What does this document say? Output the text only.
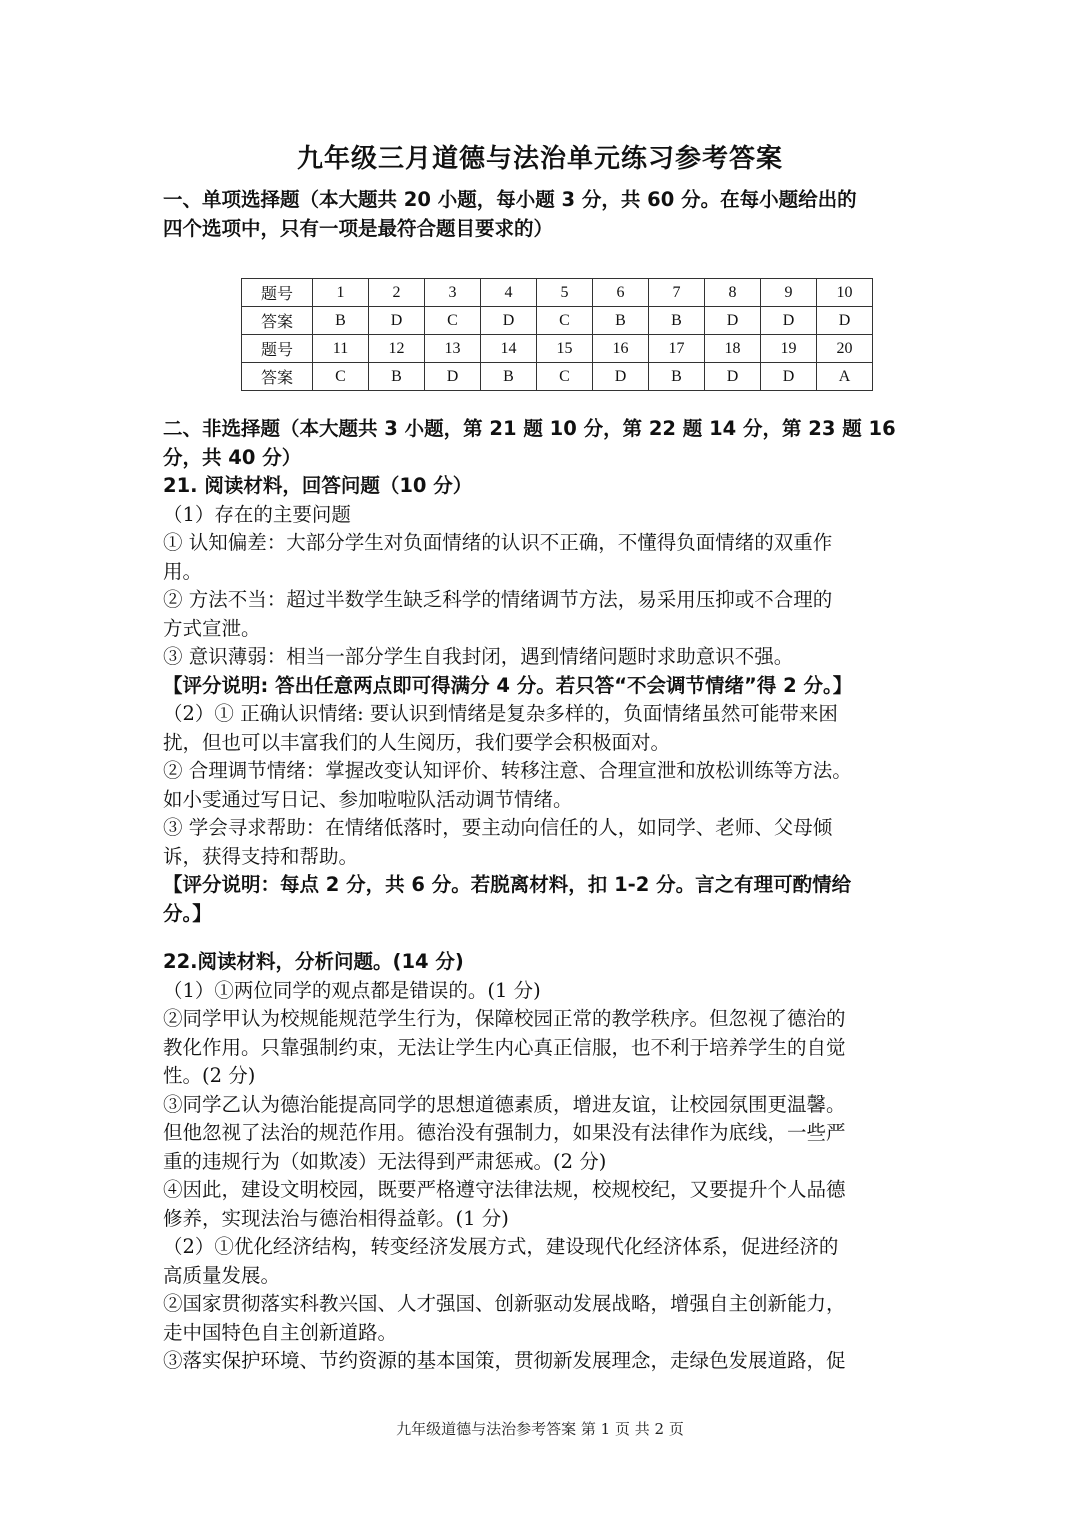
九年级三月道德与法治单元练习参考答案
一、单项选择题（本大题共 20 小题，每小题 3 分，共 60 分。在每小题给出的
四个选项中，只有一项是最符合题目要求的）
题号	1	2	3	4	5	6	7	8	9	10
答案	B	D	C	D	C	B	B	D	D	D
题号	11	12	13	14	15	16	17	18	19	20
答案	C	B	D	B	C	D	B	D	D	A
二、非选择题（本大题共 3 小题，第 21 题 10 分，第 22 题 14 分，第 23 题 16
分，共 40 分）
21. 阅读材料，回答问题（10 分）
（1）存在的主要问题
① 认知偏差：大部分学生对负面情绪的认识不正确，不懂得负面情绪的双重作
用。
② 方法不当：超过半数学生缺乏科学的情绪调节方法，易采用压抑或不合理的
方式宣泄。
③ 意识薄弱：相当一部分学生自我封闭，遇到情绪问题时求助意识不强。
【评分说明: 答出任意两点即可得满分 4 分。若只答“不会调节情绪”得 2 分。】
（2）① 正确认识情绪: 要认识到情绪是复杂多样的，负面情绪虽然可能带来困
扰，但也可以丰富我们的人生阅历，我们要学会积极面对。
② 合理调节情绪：掌握改变认知评价、转移注意、合理宣泄和放松训练等方法。
如小雯通过写日记、参加啦啦队活动调节情绪。
③ 学会寻求帮助：在情绪低落时，要主动向信任的人，如同学、老师、父母倾
诉，获得支持和帮助。
【评分说明：每点 2 分，共 6 分。若脱离材料，扣 1-2 分。言之有理可酌情给
分。】
22.阅读材料，分析问题。(14 分)
（1）①两位同学的观点都是错误的。(1 分)
②同学甲认为校规能规范学生行为，保障校园正常的教学秩序。但忽视了德治的
教化作用。只靠强制约束，无法让学生内心真正信服，也不利于培养学生的自觉
性。(2 分)
③同学乙认为德治能提高同学的思想道德素质，增进友谊，让校园氛围更温馨。
但他忽视了法治的规范作用。德治没有强制力，如果没有法律作为底线，一些严
重的违规行为（如欺凌）无法得到严肃惩戒。(2 分)
④因此，建设文明校园，既要严格遵守法律法规，校规校纪，又要提升个人品德
修养，实现法治与德治相得益彰。(1 分)
（2）①优化经济结构，转变经济发展方式，建设现代化经济体系，促进经济的
高质量发展。
②国家贯彻落实科教兴国、人才强国、创新驱动发展战略，增强自主创新能力，
走中国特色自主创新道路。
③落实保护环境、节约资源的基本国策，贯彻新发展理念，走绿色发展道路，促
九年级道德与法治参考答案 第 1 页 共 2 页
